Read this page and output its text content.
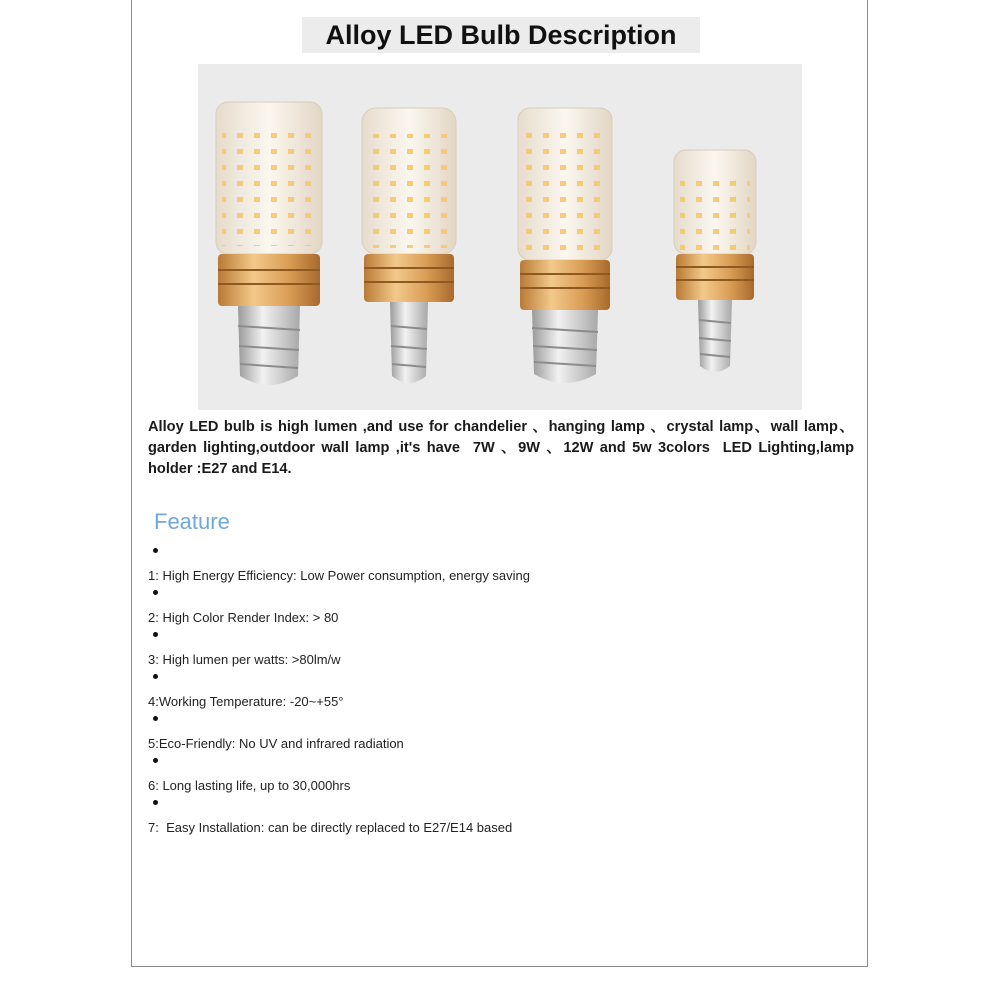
Alloy LED Bulb Description
Alloy LED bulb is high lumen ,and use for chandelier 、hanging lamp 、crystal lamp、wall lamp、garden lighting,outdoor wall lamp ,it's have  7W 、9W 、12W and 5w 3colors  LED Lighting,lamp holder :E27 and E14.
Feature
1: High Energy Efficiency: Low Power consumption, energy saving
2: High Color Render Index: > 80
3: High lumen per watts: >80lm/w
4:Working Temperature: -20~+55°
5:Eco-Friendly: No UV and infrared radiation
6: Long lasting life, up to 30,000hrs
7:  Easy Installation: can be directly replaced to E27/E14 based
